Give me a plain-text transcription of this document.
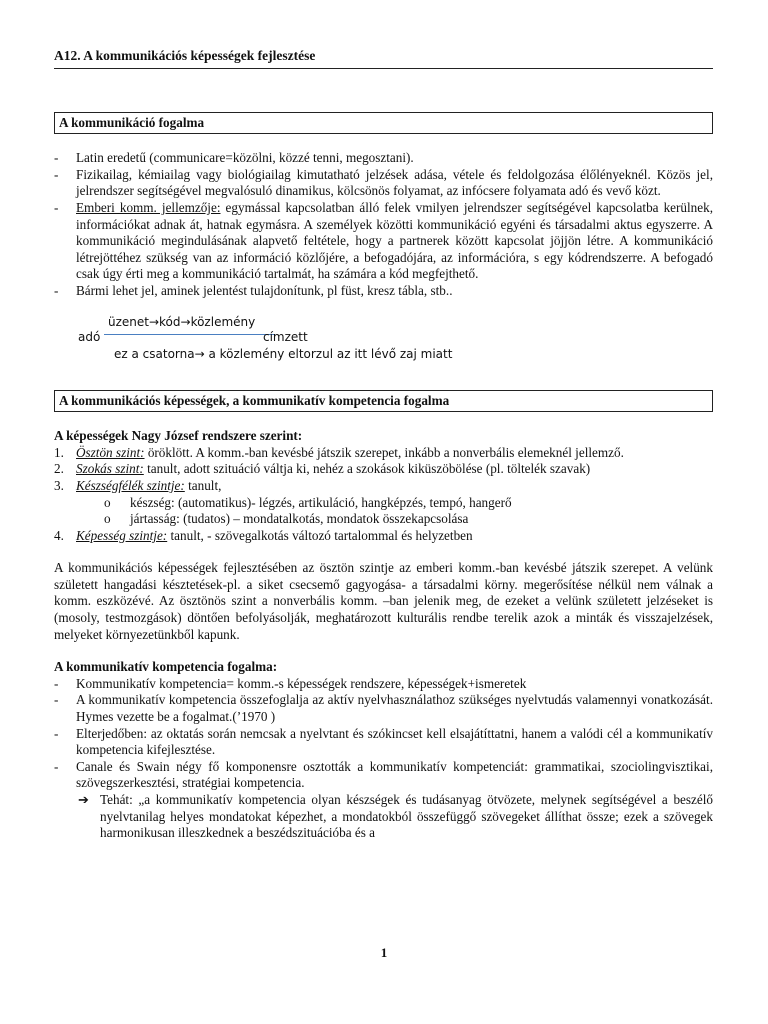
A12. A kommunikációs képességek fejlesztése
A kommunikáció fogalma
-	Latin eredetű (communicare=közölni, közzé tenni, megosztani).
-	Fizikailag, kémiailag vagy biológiailag kimutatható jelzések adása, vétele és feldolgozása élőlényeknél. Közös jel, jelrendszer segítségével megvalósuló dinamikus, kölcsönös folyamat, az infócsere folyamata adó és vevő közt.
-	Emberi komm. jellemzője: egymással kapcsolatban álló felek vmilyen jelrendszer segítségével kapcsolatba kerülnek, információkat adnak át, hatnak egymásra. A személyek közötti kommunikáció egyéni és társadalmi aktus egyszerre. A kommunikáció megindulásának alapvető feltétele, hogy a partnerek között kapcsolat jöjjön létre. A kommunikáció létrejöttéhez szükség van az információ közlőjére, a befogadójára, az információra, s egy kódrendszerre. A befogadó csak úgy érti meg a kommunikáció tartalmát, ha számára a kód megfejthető.
-	Bármi lehet jel, aminek jelentést tulajdonítunk, pl füst, kresz tábla, stb..
üzenet→kód→közlemény
adó	címzett
ez a csatorna→ a közlemény eltorzul az itt lévő zaj miatt
A kommunikációs képességek, a kommunikatív kompetencia fogalma
A képességek Nagy József rendszere szerint:
1. Ösztön szint: öröklött. A komm.-ban kevésbé játszik szerepet, inkább a nonverbális elemeknél jellemző.
2. Szokás szint: tanult, adott szituáció váltja ki, nehéz a szokások kiküszöbölése (pl. töltelék szavak)
3. Készségfélék szintje: tanult,
o	készség: (automatikus)- légzés, artikuláció, hangképzés, tempó, hangerő
o	jártasság: (tudatos) – mondatalkotás, mondatok összekapcsolása
4. Képesség szintje: tanult, - szövegalkotás változó tartalommal és helyzetben
A kommunikációs képességek fejlesztésében az ösztön szintje az emberi komm.-ban kevésbé játszik szerepet. A velünk született hangadási késztetések-pl. a siket csecsemő gagyogása- a társadalmi körny. megerősítése nélkül nem válnak a komm. eszközévé. Az ösztönös szint a nonverbális komm. –ban jelenik meg, de ezeket a velünk született jelzéseket is (mosoly, testmozgások) döntően befolyásolják, meghatározott kulturális rendbe terelik azok a minták és visszajelzések, melyeket környezetünkből kapunk.
A kommunikatív kompetencia fogalma:
-	Kommunikatív kompetencia= komm.-s képességek rendszere, képességek+ismeretek
-	A kommunikatív kompetencia összefoglalja az aktív nyelvhasználathoz szükséges nyelvtudás valamennyi vonatkozását. Hymes vezette be a fogalmat.(’1970 )
-	Elterjedőben: az oktatás során nemcsak a nyelvtant és szókincset kell elsajátíttatni, hanem a valódi cél a kommunikatív kompetencia kifejlesztése.
-	Canale és Swain négy fő komponensre osztották a kommunikatív kompetenciát: grammatikai, szociolingvisztikai, szövegszerkesztési, stratégiai kompetencia.
➔ Tehát: „a kommunikatív kompetencia olyan készségek és tudásanyag ötvözete, melynek segítségével a beszélő nyelvtanilag helyes mondatokat képezhet, a mondatokból összefüggő szövegeket állíthat össze; ezek a szövegek harmonikusan illeszkednek a beszédszituációba és a
1
